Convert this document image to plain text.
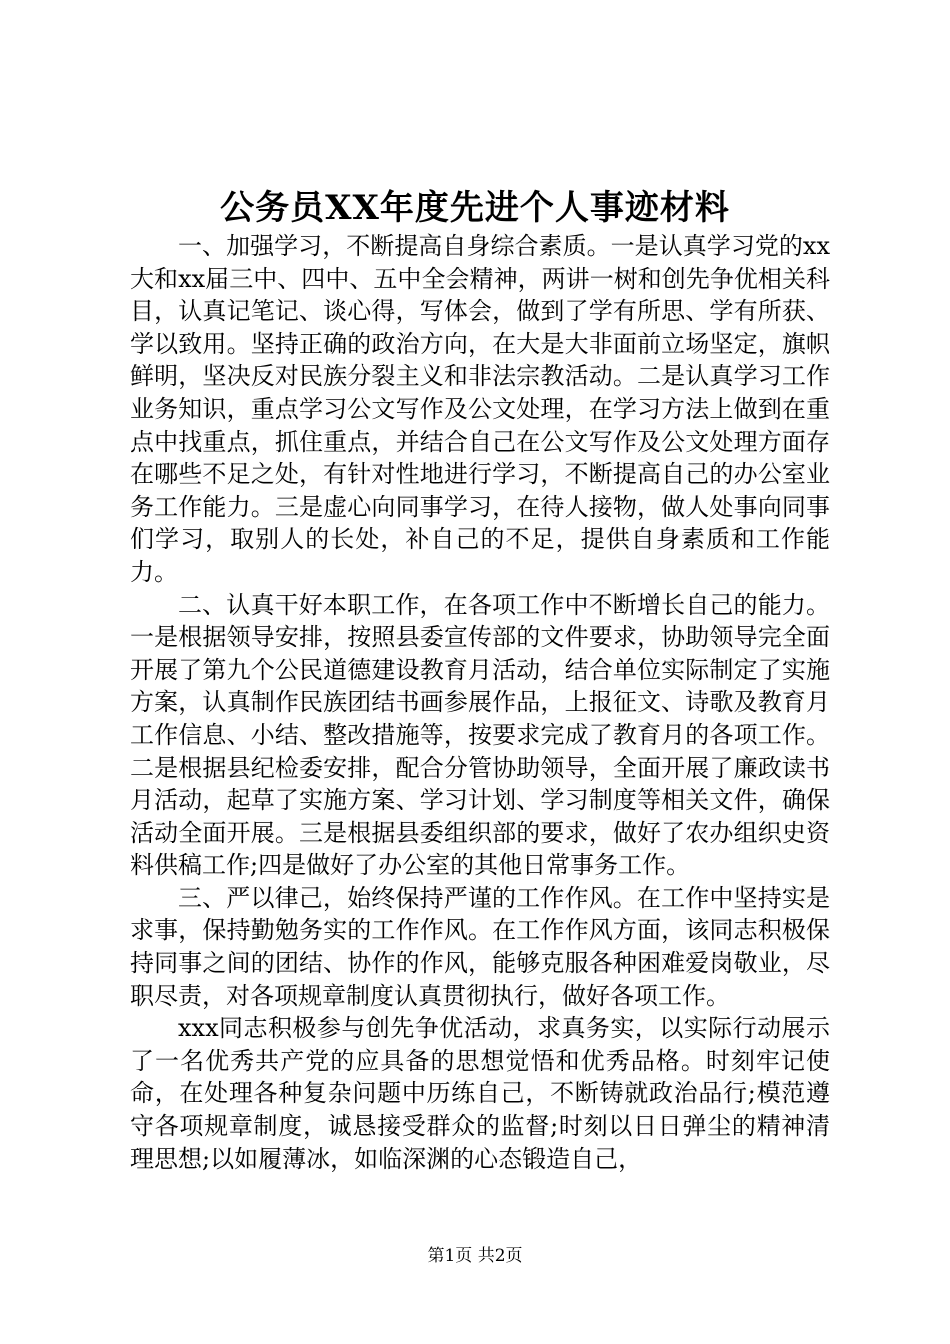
公务员XX年度先进个人事迹材料

一、加强学习，不断提高自身综合素质。一是认真学习党的xx大和xx届三中、四中、五中全会精神，两讲一树和创先争优相关科目，认真记笔记、谈心得，写体会，做到了学有所思、学有所获、学以致用。坚持正确的政治方向，在大是大非面前立场坚定，旗帜鲜明，坚决反对民族分裂主义和非法宗教活动。二是认真学习工作业务知识，重点学习公文写作及公文处理，在学习方法上做到在重点中找重点，抓住重点，并结合自己在公文写作及公文处理方面存在哪些不足之处，有针对性地进行学习，不断提高自己的办公室业务工作能力。三是虚心向同事学习，在待人接物，做人处事向同事们学习，取别人的长处，补自己的不足，提供自身素质和工作能力。

二、认真干好本职工作，在各项工作中不断增长自己的能力。一是根据领导安排，按照县委宣传部的文件要求，协助领导完全面开展了第九个公民道德建设教育月活动，结合单位实际制定了实施方案，认真制作民族团结书画参展作品，上报征文、诗歌及教育月工作信息、小结、整改措施等，按要求完成了教育月的各项工作。二是根据县纪检委安排，配合分管协助领导，全面开展了廉政读书月活动，起草了实施方案、学习计划、学习制度等相关文件，确保活动全面开展。三是根据县委组织部的要求，做好了农办组织史资料供稿工作;四是做好了办公室的其他日常事务工作。

三、严以律己，始终保持严谨的工作作风。在工作中坚持实是求事，保持勤勉务实的工作作风。在工作作风方面，该同志积极保持同事之间的团结、协作的作风，能够克服各种困难爱岗敬业，尽职尽责，对各项规章制度认真贯彻执行，做好各项工作。

xxx同志积极参与创先争优活动，求真务实，以实际行动展示了一名优秀共产党的应具备的思想觉悟和优秀品格。时刻牢记使命，在处理各种复杂问题中历练自己，不断铸就政治品行;模范遵守各项规章制度，诚恳接受群众的监督;时刻以日日弹尘的精神清理思想;以如履薄冰，如临深渊的心态锻造自己，

第1页 共2页
